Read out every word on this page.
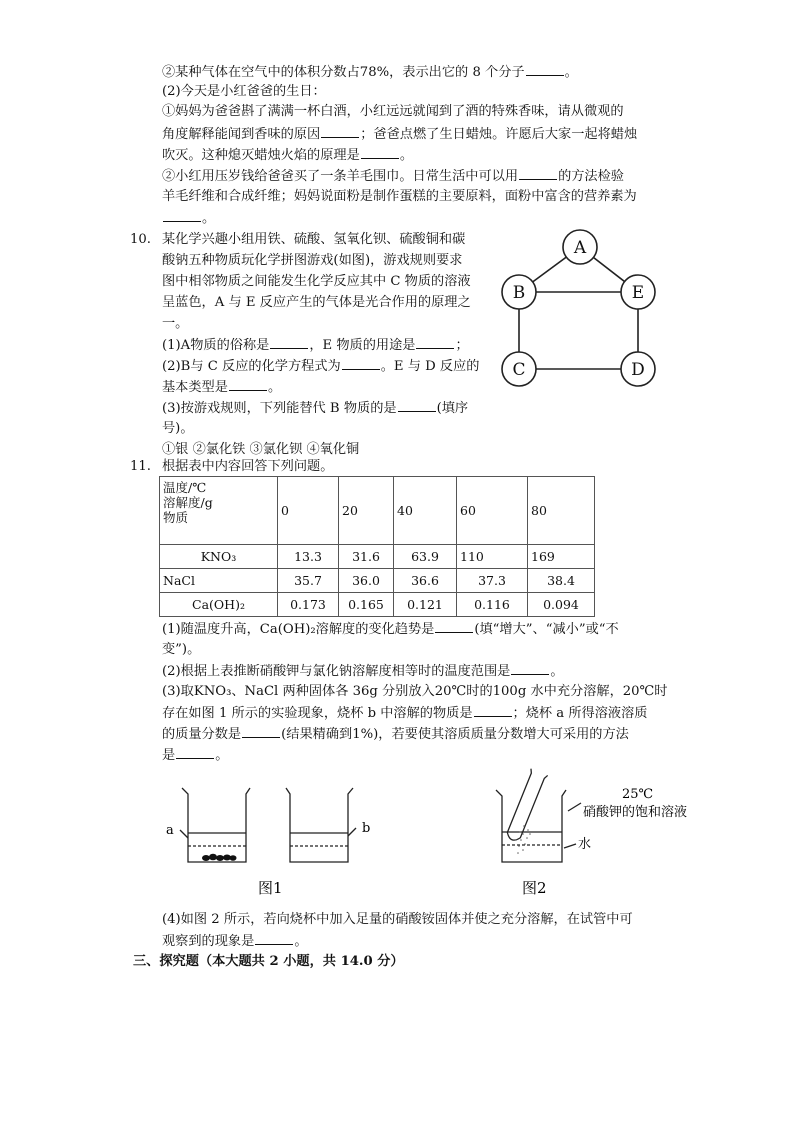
②某种气体在空气中的体积分数占78%，表示出它的 8 个分子	。
(2)今天是小红爸爸的生日：
①妈妈为爸爸斟了满满一杯白酒，小红远远就闻到了酒的特殊香味，请从微观的
角度解释能闻到香味的原因	；爸爸点燃了生日蜡烛。许愿后大家一起将蜡烛
吹灭。这种熄灭蜡烛火焰的原理是	。
②小红用压岁钱给爸爸买了一条羊毛围巾。日常生活中可以用	的方法检验
羊毛纤维和合成纤维；妈妈说面粉是制作蛋糕的主要原料，面粉中富含的营养素为
。
10. 某化学兴趣小组用铁、硫酸、氢氧化钡、硫酸铜和碳
酸钠五种物质玩化学拼图游戏(如图)，游戏规则要求
图中相邻物质之间能发生化学反应其中 C 物质的溶液
呈蓝色，A 与 E 反应产生的气体是光合作用的原理之
一。
(1)A物质的俗称是	，E 物质的用途是	；
(2)B与 C 反应的化学方程式为	。E 与 D 反应的
基本类型是	。
(3)按游戏规则，下列能替代 B 物质的是	(填序
号)。
①银 ②氯化铁 ③氯化钡 ④氧化铜
A
B	E
C	D
11. 根据表中内容回答下列问题。
温度/℃
溶解度/g
物质	0	20	40	60	80
KNO₃	13.3	31.6	63.9	110	169
NaCl	35.7	36.0	36.6	37.3	38.4
Ca(OH)₂	0.173	0.165	0.121	0.116	0.094
(1)随温度升高，Ca(OH)₂溶解度的变化趋势是	(填“增大”、“减小”或“不
变”)。
(2)根据上表推断硝酸钾与氯化钠溶解度相等时的温度范围是	。
(3)取KNO₃、NaCl 两种固体各 36g 分别放入20℃时的100g 水中充分溶解，20℃时
存在如图 1 所示的实验现象，烧杯 b 中溶解的物质是	；烧杯 a 所得溶液溶质
的质量分数是	(结果精确到1%)，若要使其溶质质量分数增大可采用的方法
是	。
a	b
图1
25℃
硝酸钾的饱和溶液
水
图2
(4)如图 2 所示，若向烧杯中加入足量的硝酸铵固体并使之充分溶解，在试管中可
观察到的现象是	。
三、探究题（本大题共 2 小题，共 14.0 分）
